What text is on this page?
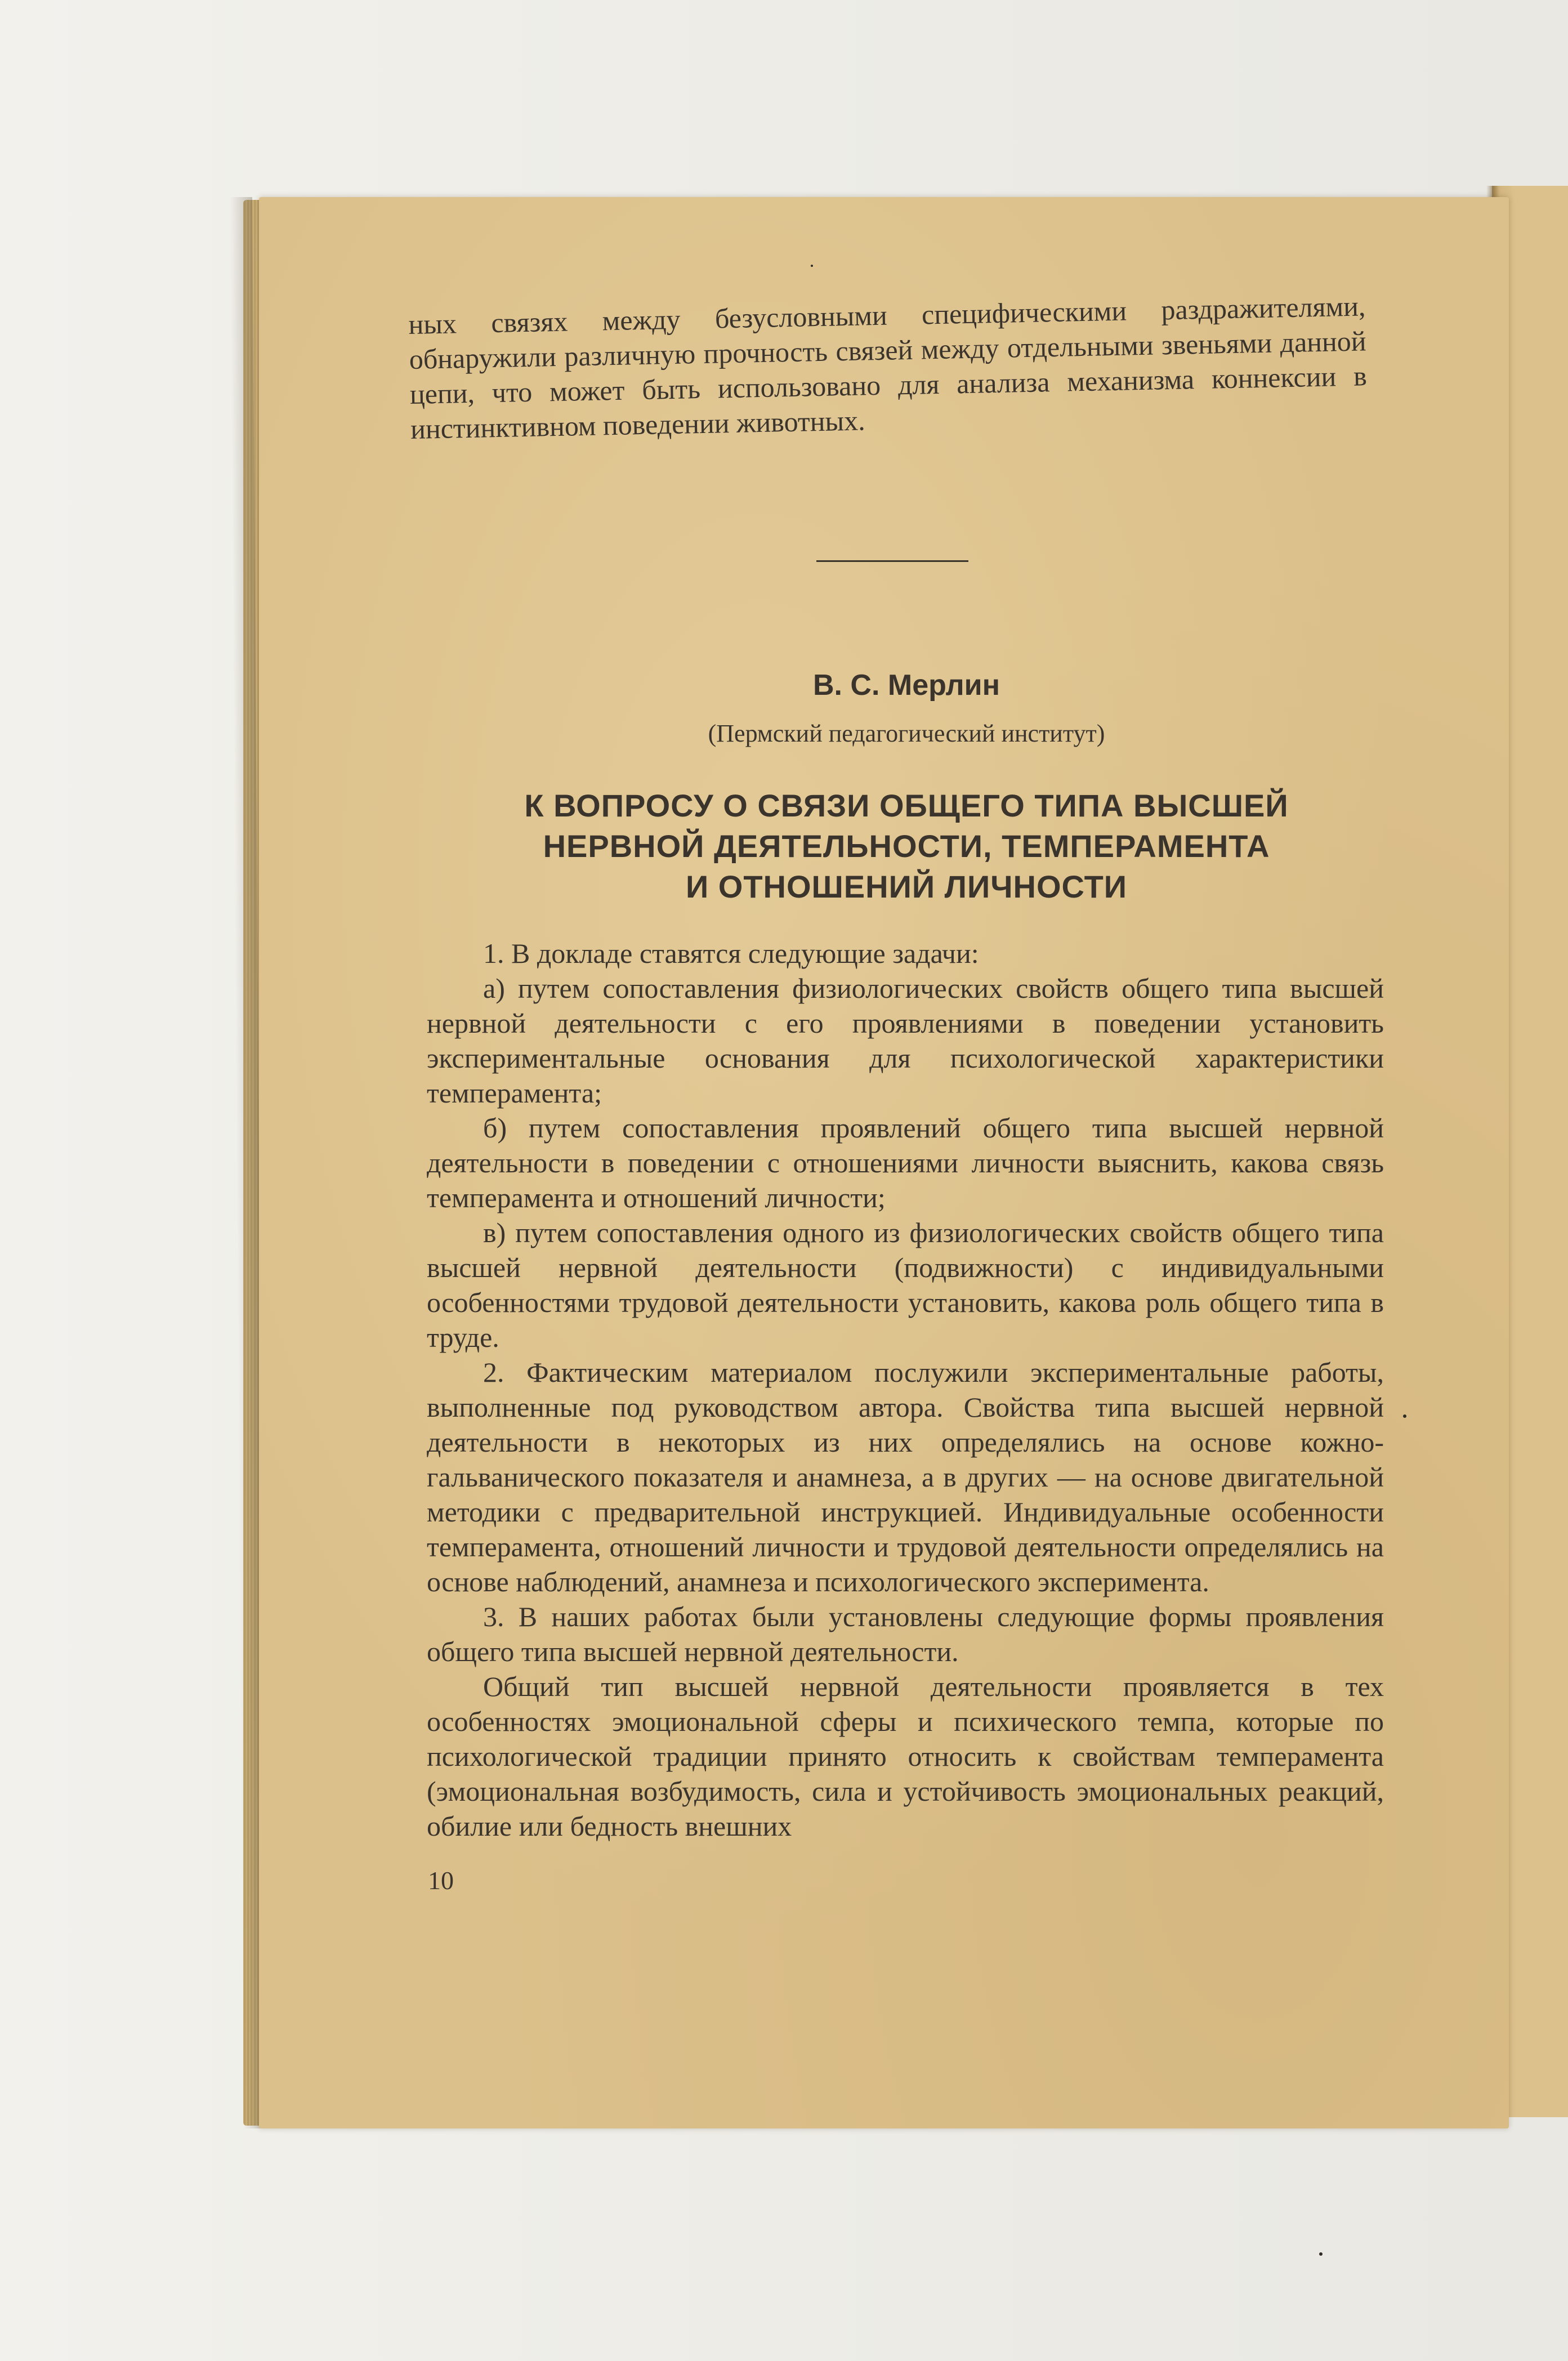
ных связях между безусловными специфическими раздражителями, обнаружили различную прочность связей между отдельными звеньями данной цепи, что может быть использовано для анализа механизма коннексии в инстинктивном поведении животных.

В. С. Мерлин
(Пермский педагогический институт)
К ВОПРОСУ О СВЯЗИ ОБЩЕГО ТИПА ВЫСШЕЙ
НЕРВНОЙ ДЕЯТЕЛЬНОСТИ, ТЕМПЕРАМЕНТА
И ОТНОШЕНИЙ ЛИЧНОСТИ

1. В докладе ставятся следующие задачи:

а) путем сопоставления физиологических свойств общего типа высшей нервной деятельности с его проявлениями в поведении установить экспериментальные основания для психологической характеристики темперамента;

б) путем сопоставления проявлений общего типа высшей нервной деятельности в поведении с отношениями личности выяснить, какова связь темперамента и отношений личности;

в) путем сопоставления одного из физиологических свойств общего типа высшей нервной деятельности (подвижности) с индивидуальными особенностями трудовой деятельности установить, какова роль общего типа в труде.

2. Фактическим материалом послужили экспериментальные работы, выполненные под руководством автора. Свойства типа высшей нервной деятельности в некоторых из них определялись на основе кожно-гальванического показателя и анамнеза, а в других — на основе двигательной методики с предварительной инструкцией. Индивидуальные особенности темперамента, отношений личности и трудовой деятельности определялись на основе наблюдений, анамнеза и психологического эксперимента.

3. В наших работах были установлены следующие формы проявления общего типа высшей нервной деятельности.

Общий тип высшей нервной деятельности проявляется в тех особенностях эмоциональной сферы и психического темпа, которые по психологической традиции принято относить к свойствам темперамента (эмоциональная возбудимость, сила и устойчивость эмоциональных реакций, обилие или бедность внешних

10
